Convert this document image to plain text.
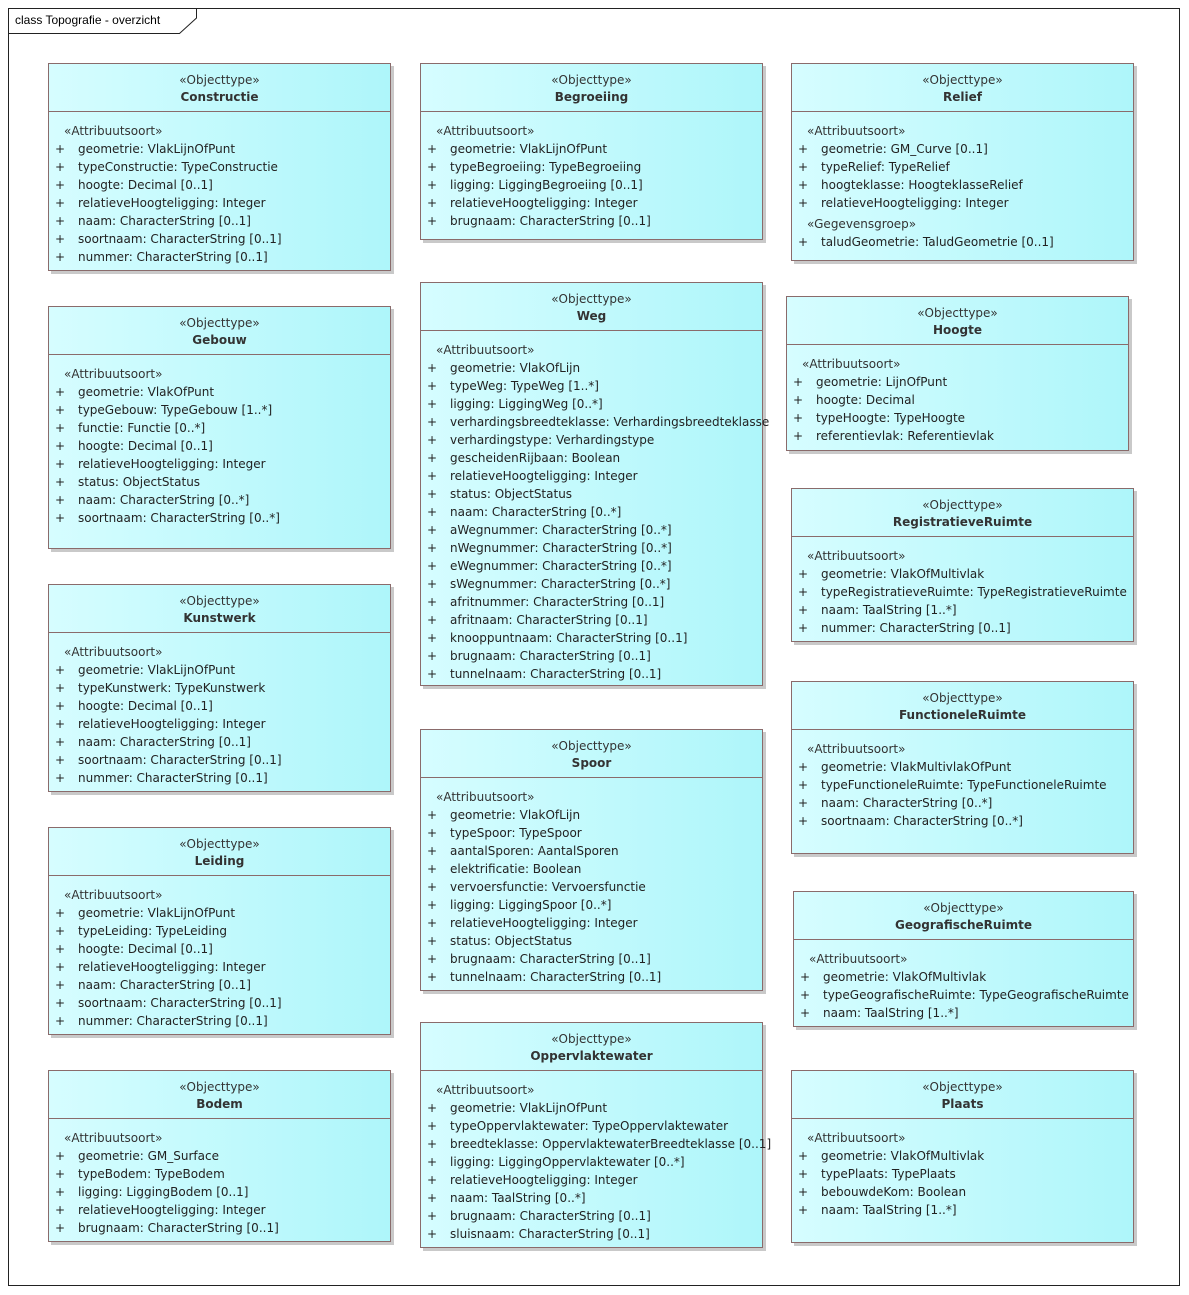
class Topografie - overzicht
«Objecttype»
Constructie
«Attribuutsoort»
+ geometrie: VlakLijnOfPunt
+ typeConstructie: TypeConstructie
+ hoogte: Decimal [0..1]
+ relatieveHoogteligging: Integer
+ naam: CharacterString [0..1]
+ soortnaam: CharacterString [0..1]
+ nummer: CharacterString [0..1]
«Objecttype»
Gebouw
«Attribuutsoort»
+ geometrie: VlakOfPunt
+ typeGebouw: TypeGebouw [1..*]
+ functie: Functie [0..*]
+ hoogte: Decimal [0..1]
+ relatieveHoogteligging: Integer
+ status: ObjectStatus
+ naam: CharacterString [0..*]
+ soortnaam: CharacterString [0..*]
«Objecttype»
Kunstwerk
«Attribuutsoort»
+ geometrie: VlakLijnOfPunt
+ typeKunstwerk: TypeKunstwerk
+ hoogte: Decimal [0..1]
+ relatieveHoogteligging: Integer
+ naam: CharacterString [0..1]
+ soortnaam: CharacterString [0..1]
+ nummer: CharacterString [0..1]
«Objecttype»
Leiding
«Attribuutsoort»
+ geometrie: VlakLijnOfPunt
+ typeLeiding: TypeLeiding
+ hoogte: Decimal [0..1]
+ relatieveHoogteligging: Integer
+ naam: CharacterString [0..1]
+ soortnaam: CharacterString [0..1]
+ nummer: CharacterString [0..1]
«Objecttype»
Bodem
«Attribuutsoort»
+ geometrie: GM_Surface
+ typeBodem: TypeBodem
+ ligging: LiggingBodem [0..1]
+ relatieveHoogteligging: Integer
+ brugnaam: CharacterString [0..1]
«Objecttype»
Begroeiing
«Attribuutsoort»
+ geometrie: VlakLijnOfPunt
+ typeBegroeiing: TypeBegroeiing
+ ligging: LiggingBegroeiing [0..1]
+ relatieveHoogteligging: Integer
+ brugnaam: CharacterString [0..1]
«Objecttype»
Weg
«Attribuutsoort»
+ geometrie: VlakOfLijn
+ typeWeg: TypeWeg [1..*]
+ ligging: LiggingWeg [0..*]
+ verhardingsbreedteklasse: Verhardingsbreedteklasse
+ verhardingstype: Verhardingstype
+ gescheidenRijbaan: Boolean
+ relatieveHoogteligging: Integer
+ status: ObjectStatus
+ naam: CharacterString [0..*]
+ aWegnummer: CharacterString [0..*]
+ nWegnummer: CharacterString [0..*]
+ eWegnummer: CharacterString [0..*]
+ sWegnummer: CharacterString [0..*]
+ afritnummer: CharacterString [0..1]
+ afritnaam: CharacterString [0..1]
+ knooppuntnaam: CharacterString [0..1]
+ brugnaam: CharacterString [0..1]
+ tunnelnaam: CharacterString [0..1]
«Objecttype»
Spoor
«Attribuutsoort»
+ geometrie: VlakOfLijn
+ typeSpoor: TypeSpoor
+ aantalSporen: AantalSporen
+ elektrificatie: Boolean
+ vervoersfunctie: Vervoersfunctie
+ ligging: LiggingSpoor [0..*]
+ relatieveHoogteligging: Integer
+ status: ObjectStatus
+ brugnaam: CharacterString [0..1]
+ tunnelnaam: CharacterString [0..1]
«Objecttype»
Oppervlaktewater
«Attribuutsoort»
+ geometrie: VlakLijnOfPunt
+ typeOppervlaktewater: TypeOppervlaktewater
+ breedteklasse: OppervlaktewaterBreedteklasse [0..1]
+ ligging: LiggingOppervlaktewater [0..*]
+ relatieveHoogteligging: Integer
+ naam: TaalString [0..*]
+ brugnaam: CharacterString [0..1]
+ sluisnaam: CharacterString [0..1]
«Objecttype»
Relief
«Attribuutsoort»
+ geometrie: GM_Curve [0..1]
+ typeRelief: TypeRelief
+ hoogteklasse: HoogteklasseRelief
+ relatieveHoogteligging: Integer
«Gegevensgroep»
+ taludGeometrie: TaludGeometrie [0..1]
«Objecttype»
Hoogte
«Attribuutsoort»
+ geometrie: LijnOfPunt
+ hoogte: Decimal
+ typeHoogte: TypeHoogte
+ referentievlak: Referentievlak
«Objecttype»
RegistratieveRuimte
«Attribuutsoort»
+ geometrie: VlakOfMultivlak
+ typeRegistratieveRuimte: TypeRegistratieveRuimte
+ naam: TaalString [1..*]
+ nummer: CharacterString [0..1]
«Objecttype»
FunctioneleRuimte
«Attribuutsoort»
+ geometrie: VlakMultivlakOfPunt
+ typeFunctioneleRuimte: TypeFunctioneleRuimte
+ naam: CharacterString [0..*]
+ soortnaam: CharacterString [0..*]
«Objecttype»
GeografischeRuimte
«Attribuutsoort»
+ geometrie: VlakOfMultivlak
+ typeGeografischeRuimte: TypeGeografischeRuimte
+ naam: TaalString [1..*]
«Objecttype»
Plaats
«Attribuutsoort»
+ geometrie: VlakOfMultivlak
+ typePlaats: TypePlaats
+ bebouwdeKom: Boolean
+ naam: TaalString [1..*]
